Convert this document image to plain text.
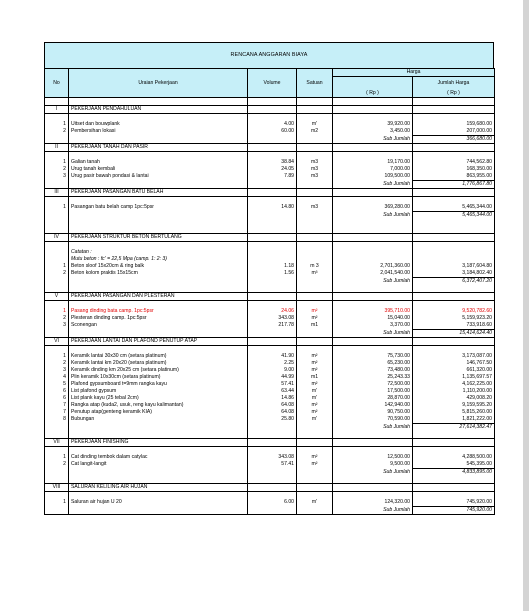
RENCANA ANGGARAN BIAYA
No	Uraian Pekerjaan	Volume	Satuan	Harga	
				( Rp )	Jumlah Harga
					( Rp )

I	PEKERJAAN PENDAHULUAN				

1	Uitset dan bouwplank	4.00	m'	39,920.00	159,680.00
2	Pembersihan lokasi	60.00	m2	3,450.00	207,000.00
				Sub Jumlah	366,680.00
II	PEKERJAAN TANAH DAN PASIR				

1	Galian tanah	38.84	m3	19,170.00	744,562.80
2	Urug tanah kembali	24.05	m3	7,000.00	168,350.00
3	Urug pasir bawah pondasi & lantai	7.89	m3	109,500.00	863,955.00
				Sub Jumlah	1,776,867.80
III	PEKERJAAN PASANGAN BATU BELAH				

1	Pasangan batu belah camp 1pc:5psr	14.80	m3	369,280.00	5,465,344.00
				Sub Jumlah	5,465,344.00

IV	PEKERJAAN STRUKTUR BETON BERTULANG				

	Catatan :				
	Mutu beton : fc' = 22,5 Mpa (camp. 1: 2: 3)				
1	Beton sloof 15x20cm & ring balk	1.18	m 3	2,701,360.00	3,187,604.80
2	Beton kolom praktis 15x15cm	1.56	m³	2,041,540.00	3,184,802.40
				Sub Jumlah	6,372,407.20

V	PEKERJAAN PASANGAN DAN PLESTERAN				

1	Pasang dinding bata camp. 1pc:5psr	24.06	m²	395,710.00	9,520,782.60
2	Plesteran dinding camp. 1pc:5psr	343.08	m²	15,040.00	5,159,923.20
3	Sconengan	217.78	m1	3,370.00	733,918.60
				Sub Jumlah	15,414,624.40
VI	PEKERJAAN LANTAI DAN PLAFOND PENUTUP ATAP				

1	Keramik lantai 30x30 cm (setara platinum)	41.90	m²	75,730.00	3,173,087.00
2	Keramik lantai km 20x20 (setara platinum)	2.25	m²	65,230.00	146,767.50
3	Keramik dinding km 20x25 cm (setara platinum)	9.00	m²	73,480.00	661,320.00
4	Plin keramik 10x30cm (setara platinum)	44.99	m1	25,243.33	1,135,697.57
5	Plafond gypsumboard t=9mm rangka kayu	57.41	m²	72,500.00	4,162,225.00
6	List plafond gypsum	63.44	m'	17,500.00	1,110,200.00
6	List plank kayu (25 tebal 2cm)	14.86	m'	28,870.00	429,008.20
7	Rangka atap (kuda2, usuk, reng kayu kalimantan)	64.08	m²	142,940.00	9,159,595.20
7	Penutup atap(genteng keramik KIA)	64.08	m²	90,750.00	5,815,260.00
8	Bubungan	25.80	m'	70,590.00	1,821,222.00
				Sub Jumlah	27,614,382.47

VII	PEKERJAAN FINISHING				

1	Cat dinding tembok dalam catylac	343.08	m²	12,500.00	4,288,500.00
2	Cat langit-langit	57.41	m²	9,500.00	545,395.00
				Sub Jumlah	4,833,895.00

VIII	SALURAN KELILING AIR HUJAN				

1	Saluran air hujan U 20	6.00	m'	124,320.00	745,920.00
				Sub Jumlah	745,920.00
